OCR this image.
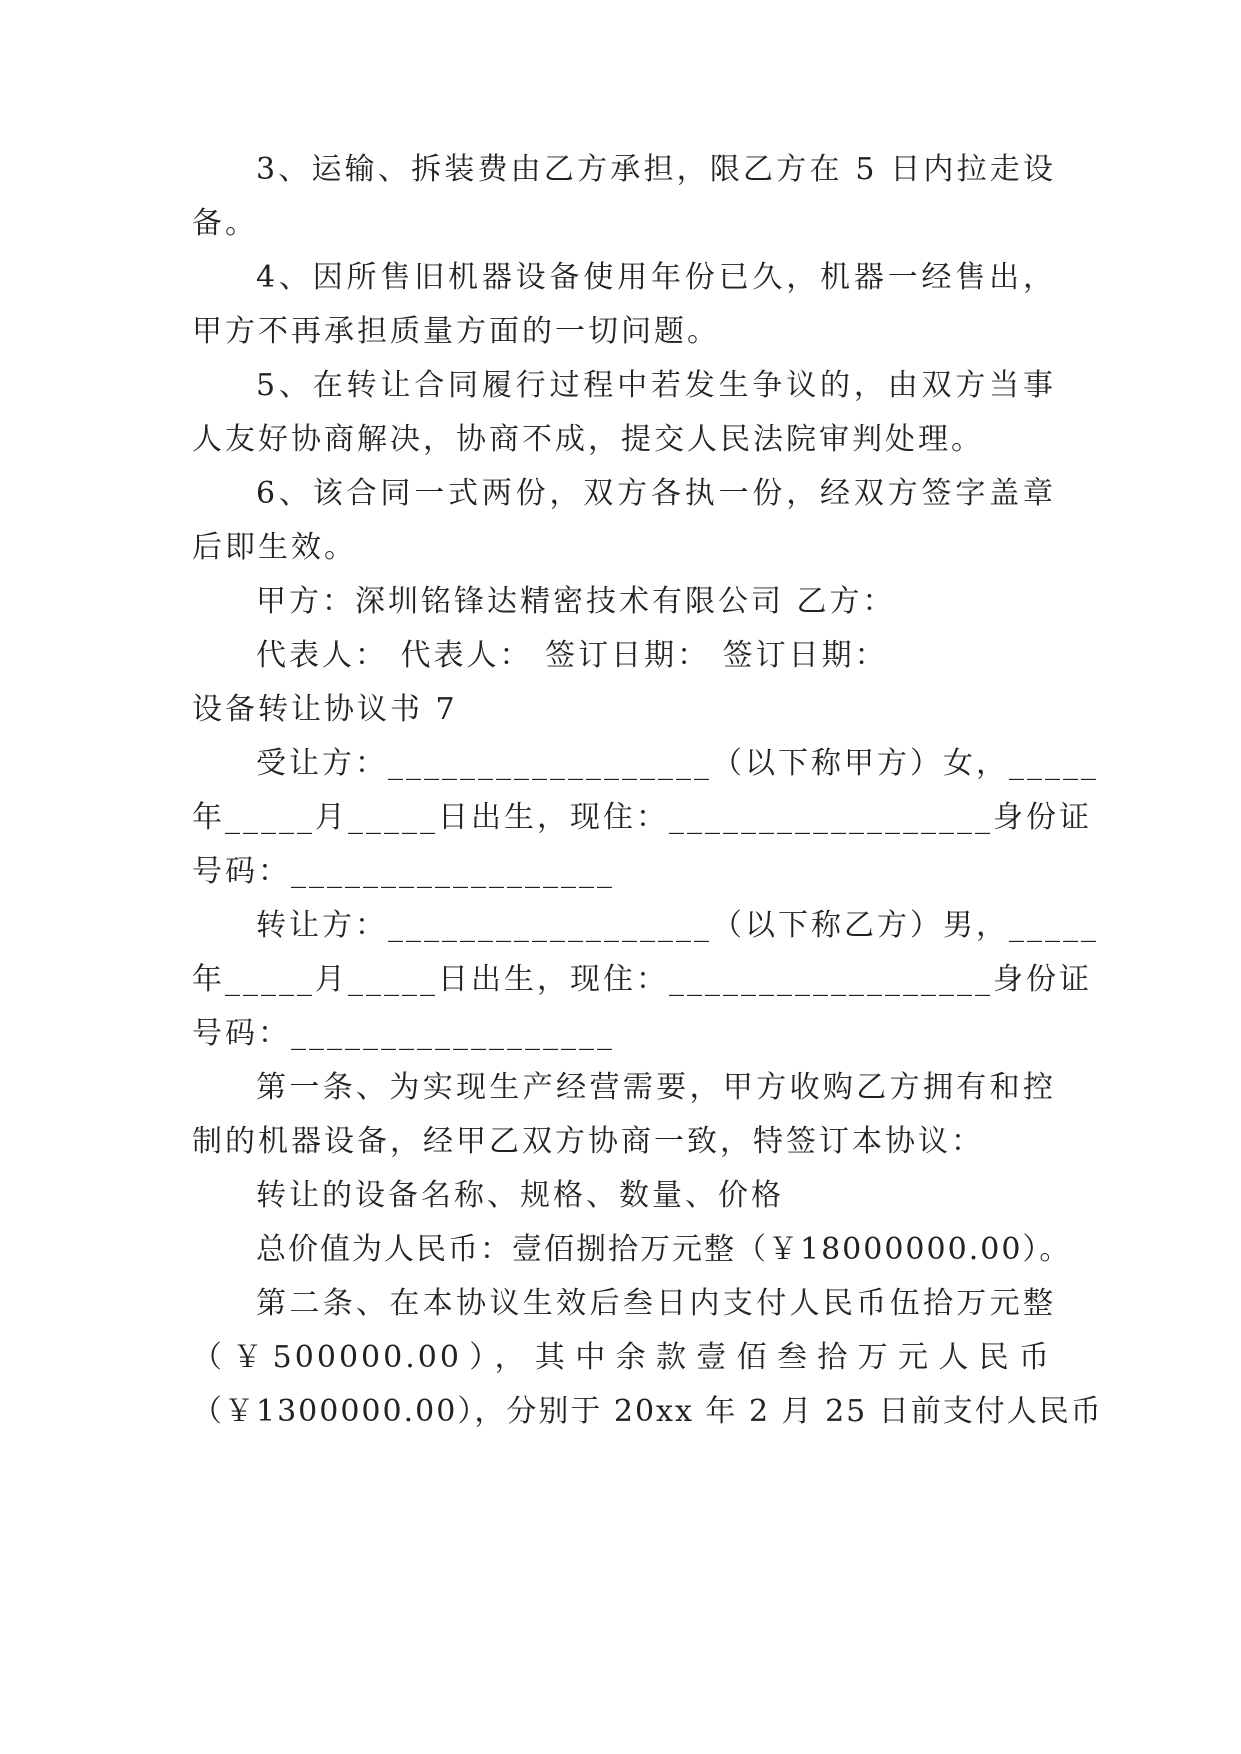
3、运输、拆装费由乙方承担，限乙方在 5 日内拉走设
备。
4、因所售旧机器设备使用年份已久，机器一经售出，
甲方不再承担质量方面的一切问题。
5、在转让合同履行过程中若发生争议的，由双方当事
人友好协商解决，协商不成，提交人民法院审判处理。
6、该合同一式两份，双方各执一份，经双方签字盖章
后即生效。
甲方：深圳铭锋达精密技术有限公司 乙方：
代表人： 代表人： 签订日期： 签订日期：
设备转让协议书 7
受让方：__________________（以下称甲方）女，_____
年_____月_____日出生，现住：__________________身份证
号码：__________________
转让方：__________________（以下称乙方）男，_____
年_____月_____日出生，现住：__________________身份证
号码：__________________
第一条、为实现生产经营需要，甲方收购乙方拥有和控
制的机器设备，经甲乙双方协商一致，特签订本协议：
转让的设备名称、规格、数量、价格
总价值为人民币：壹佰捌拾万元整（￥18000000.00）。
第二条、在本协议生效后叁日内支付人民币伍拾万元整
（￥500000.00），其中余款壹佰叁拾万元人民币
（￥1300000.00），分别于 20xx 年 2 月 25 日前支付人民币
